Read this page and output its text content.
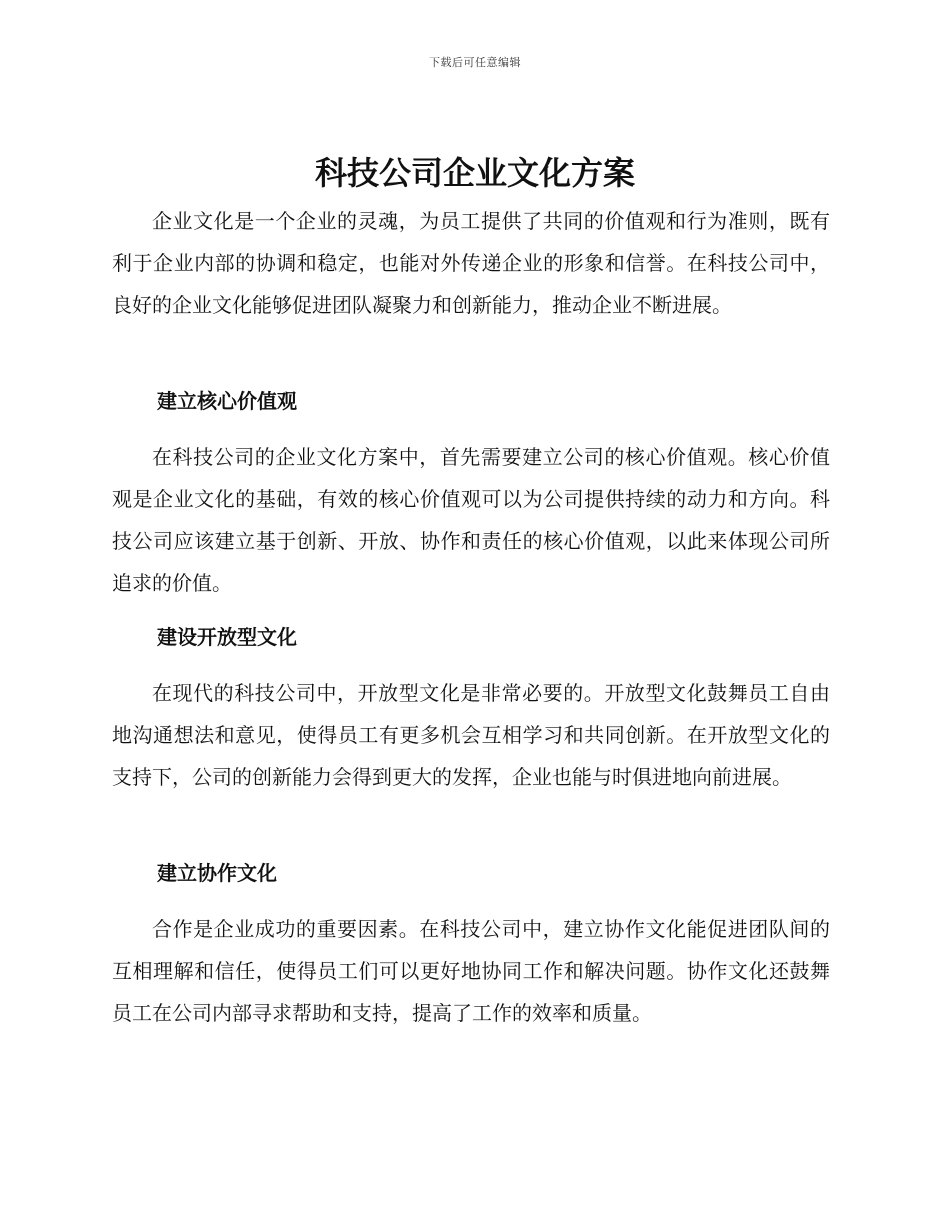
下载后可任意编辑
科技公司企业文化方案

企业文化是一个企业的灵魂，为员工提供了共同的价值观和行为准则，既有利于企业内部的协调和稳定，也能对外传递企业的形象和信誉。在科技公司中，良好的企业文化能够促进团队凝聚力和创新能力，推动企业不断进展。

建立核心价值观

在科技公司的企业文化方案中，首先需要建立公司的核心价值观。核心价值观是企业文化的基础，有效的核心价值观可以为公司提供持续的动力和方向。科技公司应该建立基于创新、开放、协作和责任的核心价值观，以此来体现公司所追求的价值。

建设开放型文化

在现代的科技公司中，开放型文化是非常必要的。开放型文化鼓舞员工自由地沟通想法和意见，使得员工有更多机会互相学习和共同创新。在开放型文化的支持下，公司的创新能力会得到更大的发挥，企业也能与时俱进地向前进展。

建立协作文化

合作是企业成功的重要因素。在科技公司中，建立协作文化能促进团队间的互相理解和信任，使得员工们可以更好地协同工作和解决问题。协作文化还鼓舞员工在公司内部寻求帮助和支持，提高了工作的效率和质量。
